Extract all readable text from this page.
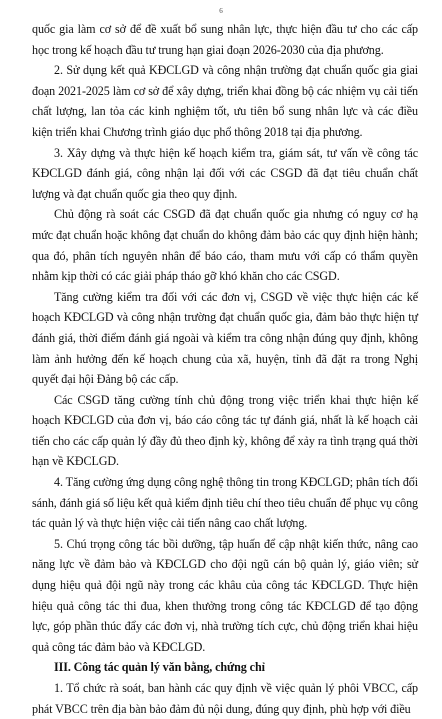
6

quốc gia làm cơ sở để đề xuất bổ sung nhân lực, thực hiện đầu tư cho các cấp học trong kế hoạch đầu tư trung hạn giai đoạn 2026-2030 của địa phương.

2. Sử dụng kết quả KĐCLGD và công nhận trường đạt chuẩn quốc gia giai đoạn 2021-2025 làm cơ sở để xây dựng, triển khai đồng bộ các nhiệm vụ cải tiến chất lượng, lan tỏa các kinh nghiệm tốt, ưu tiên bổ sung nhân lực và các điều kiện triển khai Chương trình giáo dục phổ thông 2018 tại địa phương.

3. Xây dựng và thực hiện kế hoạch kiểm tra, giám sát, tư vấn về công tác KĐCLGD đánh giá, công nhận lại đối với các CSGD đã đạt tiêu chuẩn chất lượng và đạt chuẩn quốc gia theo quy định.

Chủ động rà soát các CSGD đã đạt chuẩn quốc gia nhưng có nguy cơ hạ mức đạt chuẩn hoặc không đạt chuẩn do không đảm bảo các quy định hiện hành; qua đó, phân tích nguyên nhân để báo cáo, tham mưu với cấp có thẩm quyền nhằm kịp thời có các giải pháp tháo gỡ khó khăn cho các CSGD.

Tăng cường kiểm tra đối với các đơn vị, CSGD về việc thực hiện các kế hoạch KĐCLGD và công nhận trường đạt chuẩn quốc gia, đảm bảo thực hiện tự đánh giá, thời điểm đánh giá ngoài và kiểm tra công nhận đúng quy định, không làm ảnh hưởng đến kế hoạch chung của xã, huyện, tỉnh đã đặt ra trong Nghị quyết đại hội Đảng bộ các cấp.

Các CSGD tăng cường tính chủ động trong việc triển khai thực hiện kế hoạch KĐCLGD của đơn vị, báo cáo công tác tự đánh giá, nhất là kế hoạch cải tiến cho các cấp quản lý đầy đủ theo định kỳ, không để xảy ra tình trạng quá thời hạn về KĐCLGD.

4. Tăng cường ứng dụng công nghệ thông tin trong KĐCLGD; phân tích đối sánh, đánh giá số liệu kết quả kiểm định tiêu chí theo tiêu chuẩn để phục vụ công tác quản lý và thực hiện việc cải tiến nâng cao chất lượng.

5. Chú trọng công tác bồi dưỡng, tập huấn để cập nhật kiến thức, nâng cao năng lực về đảm bảo và KĐCLGD cho đội ngũ cán bộ quản lý, giáo viên; sử dụng hiệu quả đội ngũ này trong các khâu của công tác KĐCLGD. Thực hiện hiệu quả công tác thi đua, khen thưởng trong công tác KĐCLGD để tạo động lực, góp phần thúc đẩy các đơn vị, nhà trường tích cực, chủ động triển khai hiệu quả công tác đảm bảo và KĐCLGD.

III. Công tác quản lý văn bằng, chứng chỉ

1. Tổ chức rà soát, ban hành các quy định về việc quản lý phôi VBCC, cấp phát VBCC trên địa bàn bảo đảm đủ nội dung, đúng quy định, phù hợp với điều
